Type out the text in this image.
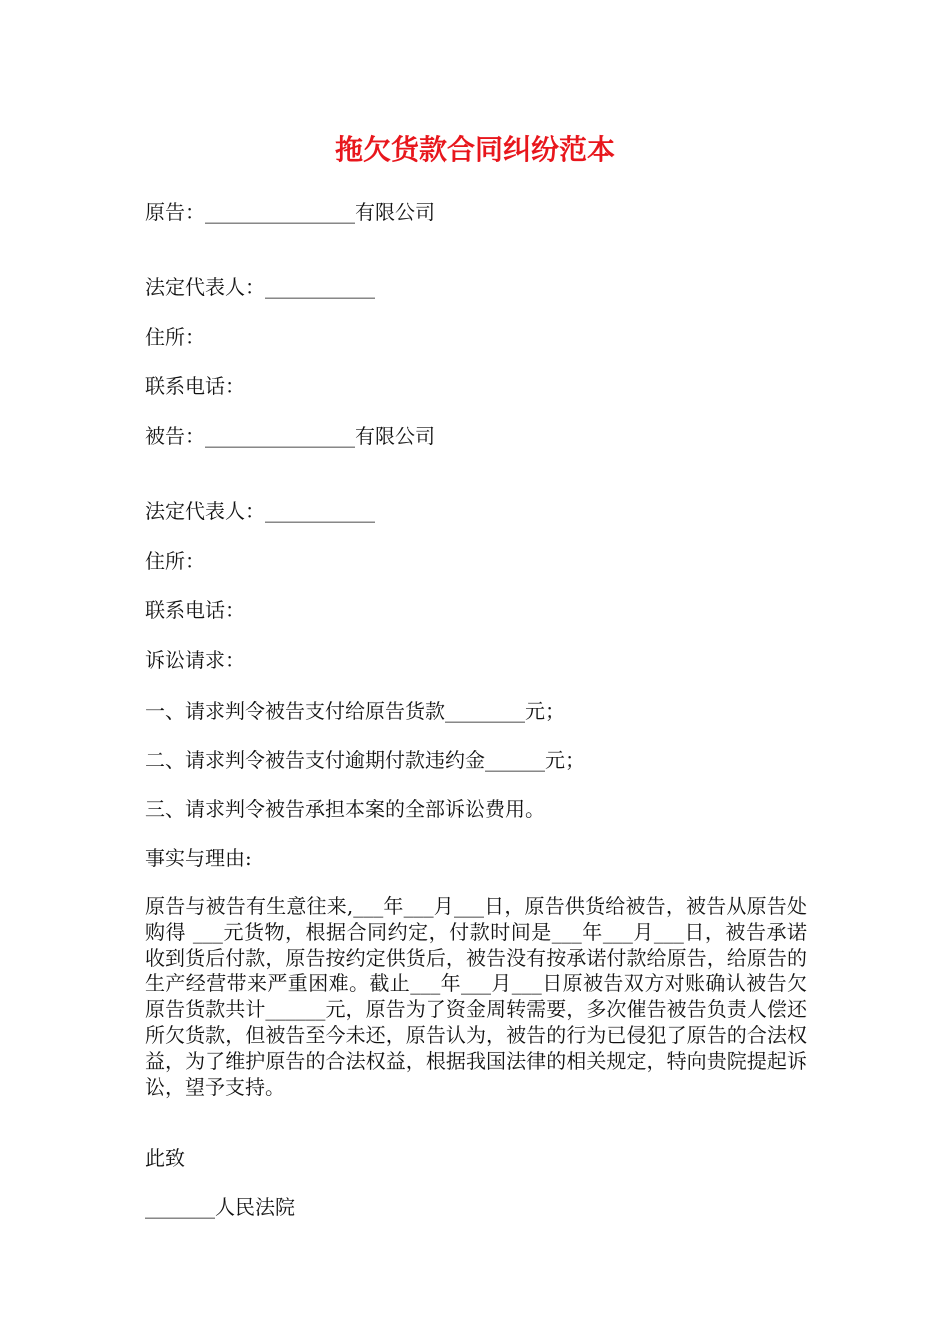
拖欠货款合同纠纷范本

原告：_______________有限公司

法定代表人：___________

住所：

联系电话：

被告：_______________有限公司

法定代表人：___________

住所：

联系电话：

诉讼请求：

一、请求判令被告支付给原告货款________元；

二、请求判令被告支付逾期付款违约金______元；

三、请求判令被告承担本案的全部诉讼费用。

事实与理由:

原告与被告有生意往来,___年___月___日，原告供货给被告，被告从原告处购得 ___元货物，根据合同约定，付款时间是___年___月___日，被告承诺收到货后付款，原告按约定供货后，被告没有按承诺付款给原告，给原告的生产经营带来严重困难。截止___年___月___日原被告双方对账确认被告欠原告货款共计______元，原告为了资金周转需要，多次催告被告负责人偿还所欠货款，但被告至今未还，原告认为，被告的行为已侵犯了原告的合法权益，为了维护原告的合法权益，根据我国法律的相关规定，特向贵院提起诉讼，望予支持。

此致

_______人民法院
